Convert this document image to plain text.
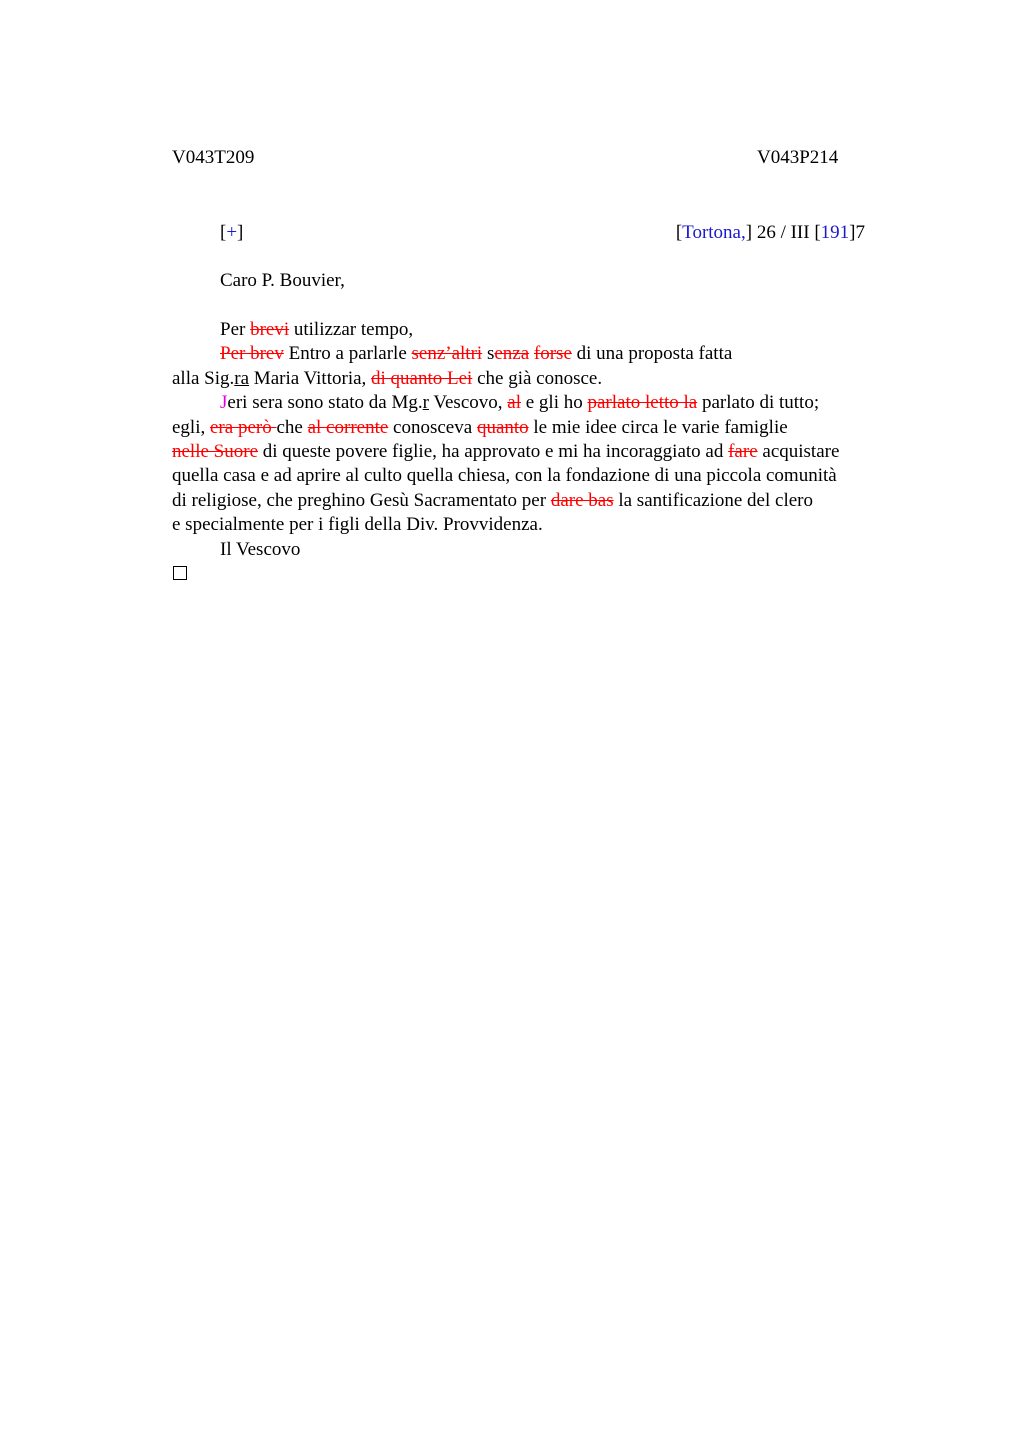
V043T209	V043P214
[+]	[Tortona,] 26 / III [191]7
Caro P. Bouvier,
Per brevi utilizzar tempo,
Per brev Entro a parlarle senz’altri senza forse di una proposta fatta
alla Sig.ra Maria Vittoria, di quanto Lei che già conosce.
Jeri sera sono stato da Mg.r Vescovo, al e gli ho parlato letto la parlato di tutto;
egli, era però che al corrente conosceva quanto le mie idee circa le varie famiglie
nelle Suore di queste povere figlie, ha approvato e mi ha incoraggiato ad fare acquistare
quella casa e ad aprire al culto quella chiesa, con la fondazione di una piccola comunità
di religiose, che preghino Gesù Sacramentato per dare bas la santificazione del clero
e specialmente per i figli della Div. Provvidenza.
Il Vescovo
